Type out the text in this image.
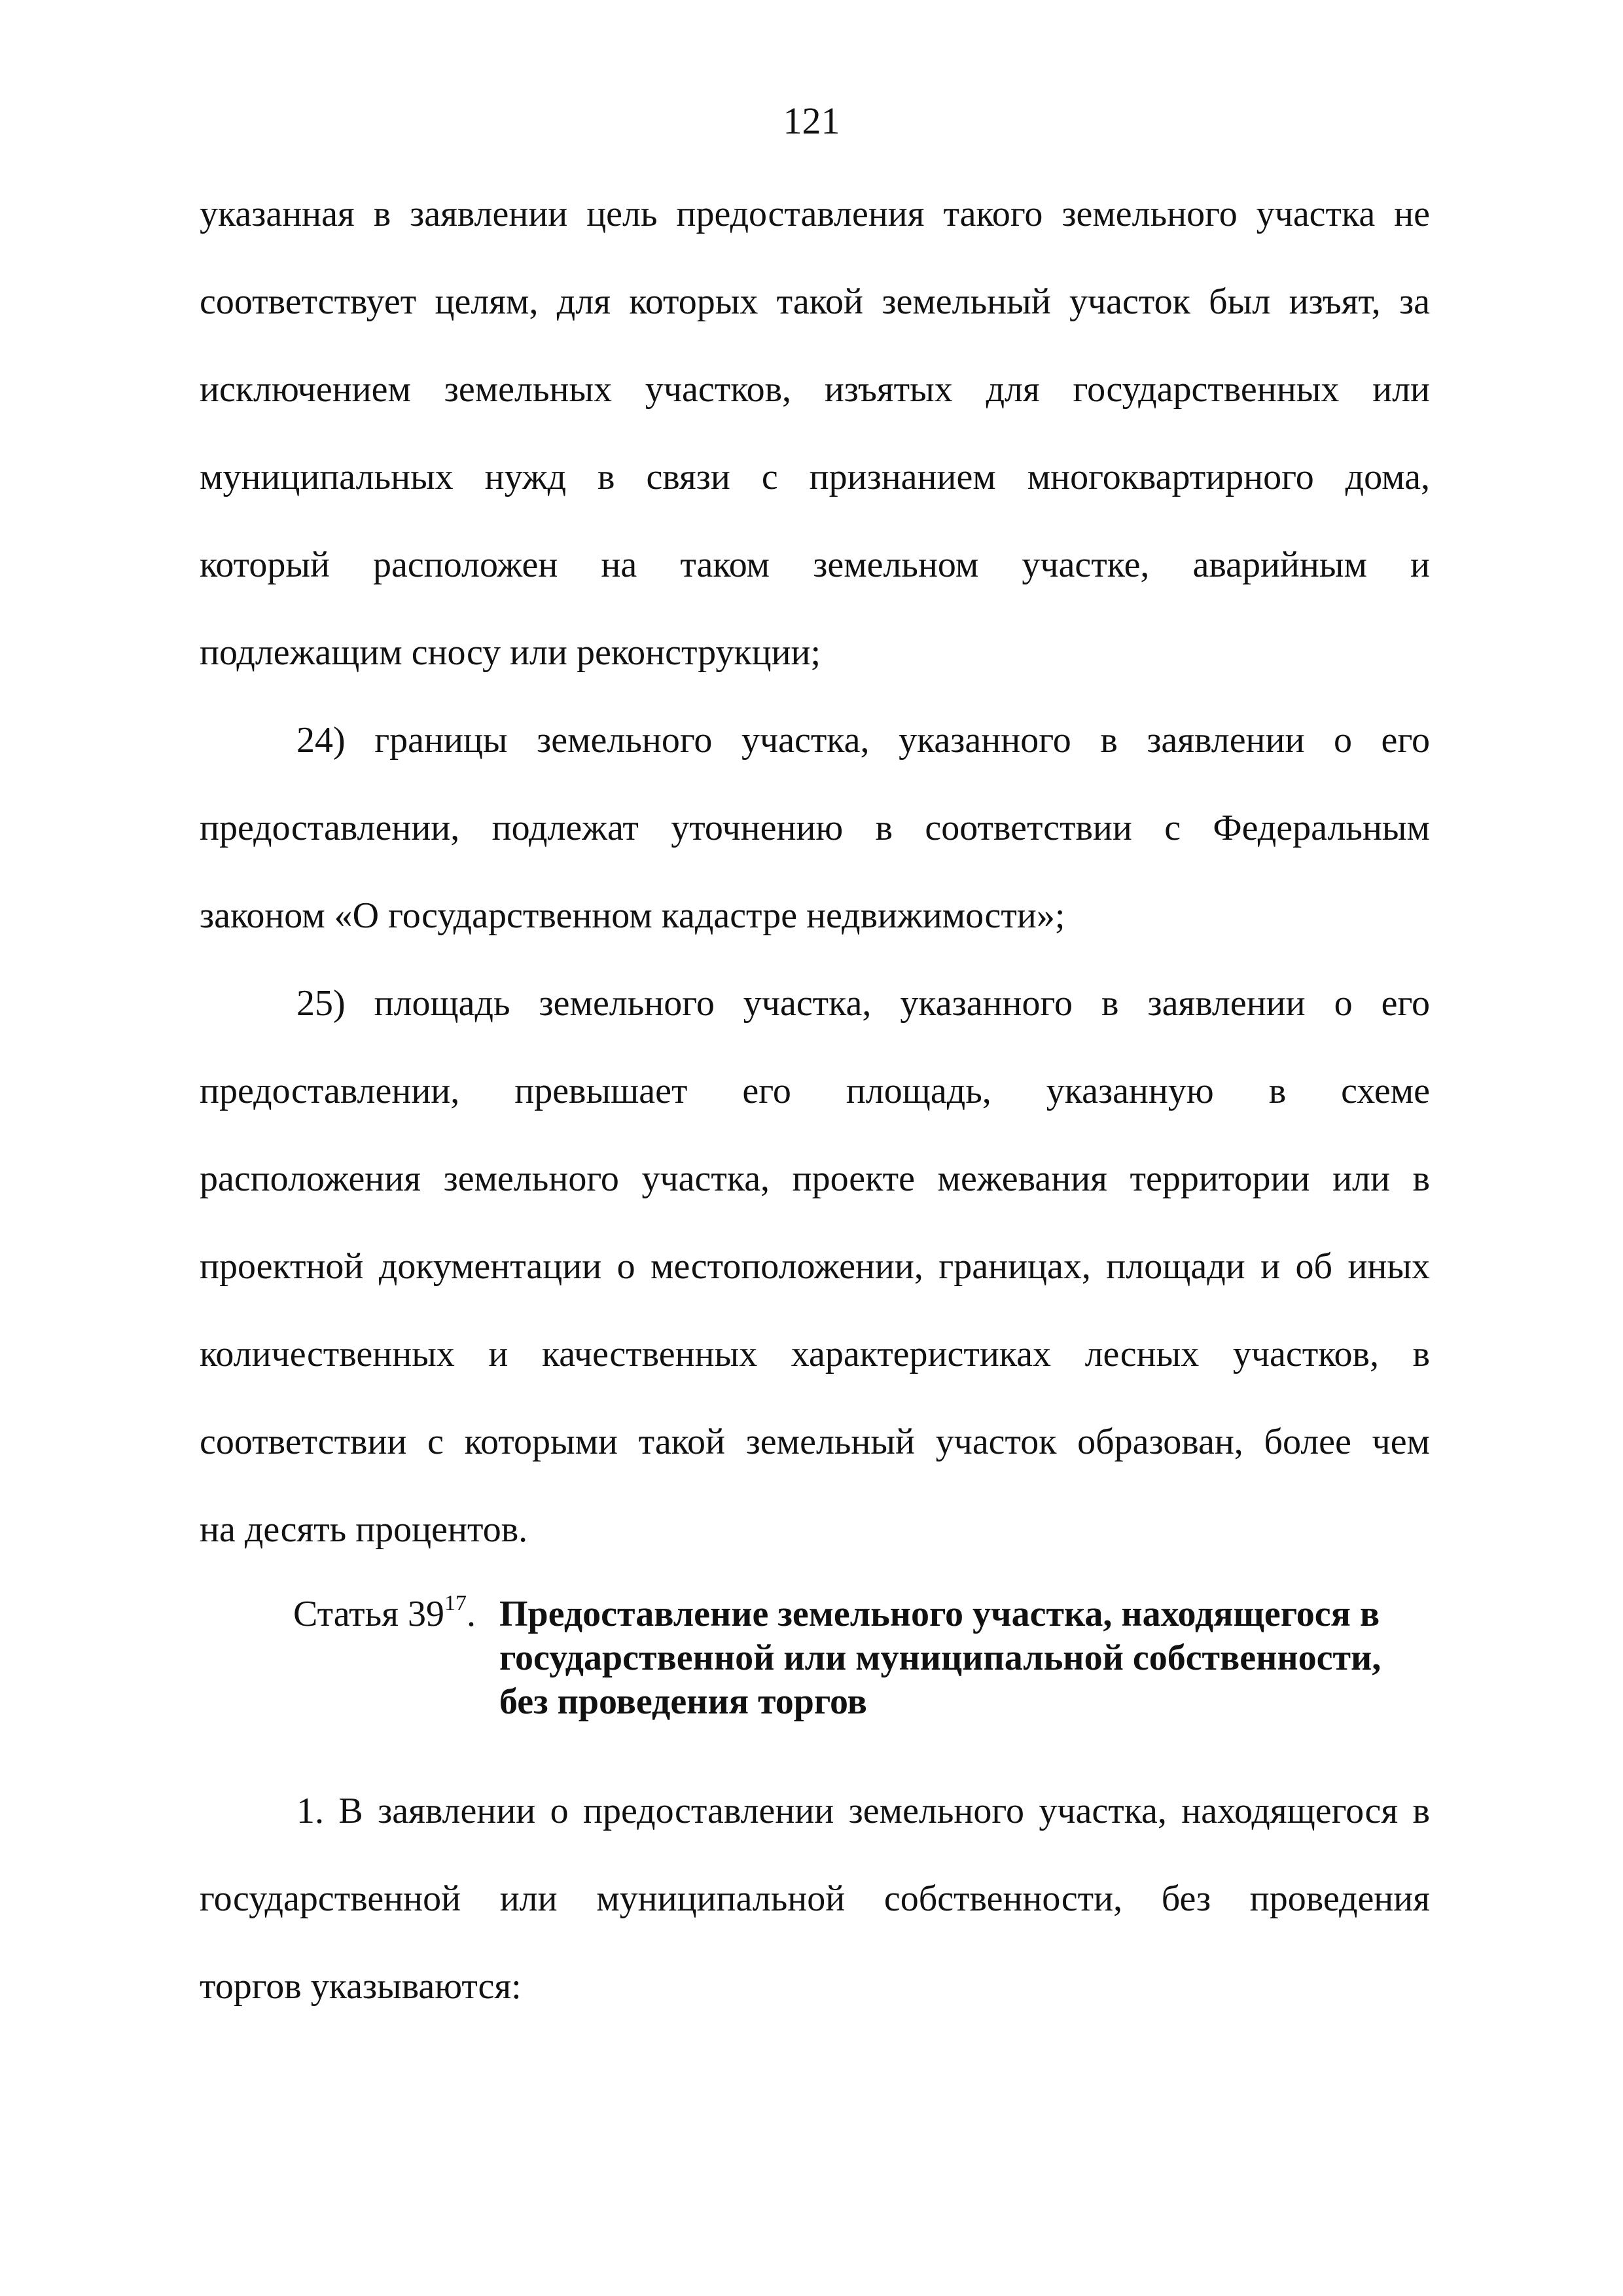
121
указанная в заявлении цель предоставления такого земельного участка не
соответствует целям, для которых такой земельный участок был изъят, за
исключением земельных участков, изъятых для государственных или
муниципальных нужд в связи с признанием многоквартирного дома,
который расположен на таком земельном участке, аварийным и
подлежащим сносу или реконструкции;
24) границы земельного участка, указанного в заявлении о его
предоставлении, подлежат уточнению в соответствии с Федеральным
законом «О государственном кадастре недвижимости»;
25) площадь земельного участка, указанного в заявлении о его
предоставлении, превышает его площадь, указанную в схеме
расположения земельного участка, проекте межевания территории или в
проектной документации о местоположении, границах, площади и об иных
количественных и качественных характеристиках лесных участков, в
соответствии с которыми такой земельный участок образован, более чем
на десять процентов.
Статья $39^{17}$. Предоставление земельного участка, находящегося в
государственной или муниципальной собственности,
без проведения торгов
1. В заявлении о предоставлении земельного участка, находящегося в
государственной или муниципальной собственности, без проведения
торгов указываются:
